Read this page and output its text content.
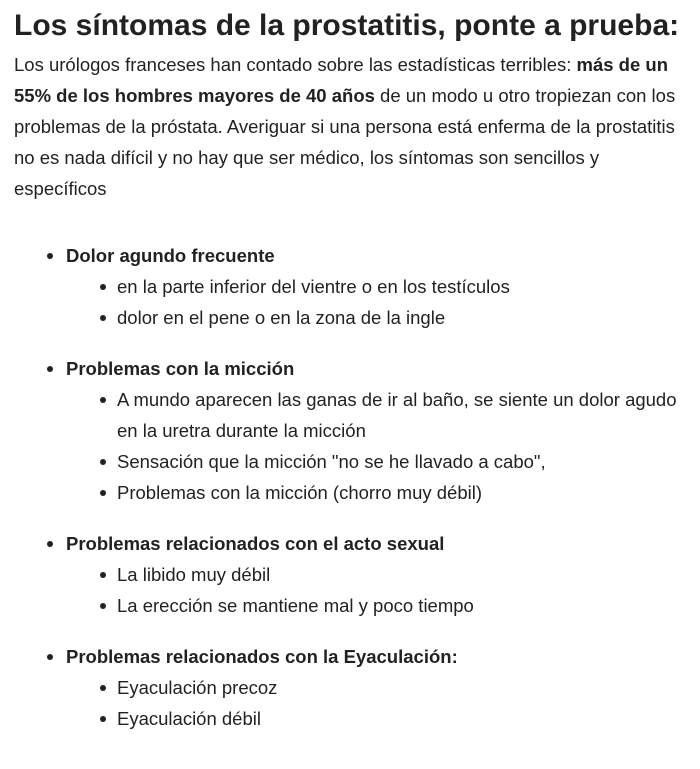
Los síntomas de la prostatitis, ponte a prueba:

Los urólogos franceses han contado sobre las estadísticas terribles: más de un 55% de los hombres mayores de 40 años de un modo u otro tropiezan con los problemas de la próstata. Averiguar si una persona está enferma de la prostatitis no es nada difícil y no hay que ser médico, los síntomas son sencillos y específicos

Dolor agundo frecuente
en la parte inferior del vientre o en los testículos
dolor en el pene o en la zona de la ingle
Problemas con la micción
A mundo aparecen las ganas de ir al baño, se siente un dolor agudo en la uretra durante la micción
Sensación que la micción "no se he llavado a cabo",
Problemas con la micción (chorro muy débil)
Problemas relacionados con el acto sexual
La libido muy débil
La erección se mantiene mal y poco tiempo
Problemas relacionados con la Eyaculación:
Eyaculación precoz
Eyaculación débil
